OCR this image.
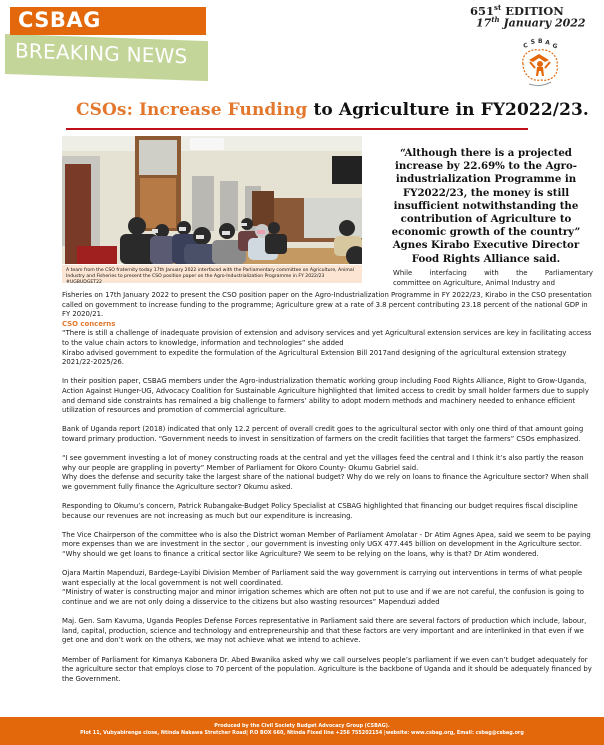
BREAKING NEWS
CSBAG	651st EDITION
17th January 2022
C S B A G
CSOs: Increase Funding to Agriculture in FY2022/23.
A team from the CSO fraternity today 17th January 2022 interfaced with the Parliamentary committee on Agriculture, Animal Industry and Fisheries to present the CSO position paper on the Agro-Industrialization Programme in FY 2022/23 #UGBUDGET22
“Although there is a projected increase by 22.69% to the Agro-industrialization Programme in FY2022/23, the money is still insufficient notwithstanding the contribution of Agriculture to economic growth of the country” Agnes Kirabo Executive Director Food Rights Alliance said.
While interfacing with the Parliamentary
committee on Agriculture, Animal Industry and

Fisheries on 17th January 2022 to present the CSO position paper on the Agro-Industrialization Programme in FY 2022/23, Kirabo in the CSO presentation called on government to increase funding to the programme; Agriculture grew at a rate of 3.8 percent contributing 23.18 percent of the national GDP in FY 2020/21.

CSO concerns

“There is still a challenge of inadequate provision of extension and advisory services and yet Agricultural extension services are key in facilitating access to the value chain actors to knowledge, information and technologies” she added

Kirabo advised government to expedite the formulation of the Agricultural Extension Bill 2017and designing of the agricultural extension strategy 2021/22-2025/26.

In their position paper, CSBAG members under the Agro-industrialization thematic working group including Food Rights Alliance, Right to Grow-Uganda, Action Against Hunger-UG, Advocacy Coalition for Sustainable Agriculture highlighted that limited access to credit by small holder farmers due to supply and demand side constraints has remained a big challenge to farmers’ ability to adopt modern methods and machinery needed to enhance efficient utilization of resources and promotion of commercial agriculture.

Bank of Uganda report (2018) indicated that only 12.2 percent of overall credit goes to the agricultural sector with only one third of that amount going toward primary production. “Government needs to invest in sensitization of farmers on the credit facilities that target the farmers” CSOs emphasized.

“I see government investing a lot of money constructing roads at the central and yet the villages feed the central and I think it’s also partly the reason why our people are grappling in poverty” Member of Parliament for Okoro County- Okumu Gabriel said.

Why does the defense and security take the largest share of the national budget? Why do we rely on loans to finance the Agriculture sector? When shall we government fully finance the Agriculture sector? Okumu asked.

Responding to Okumu’s concern, Patrick Rubangake-Budget Policy Specialist at CSBAG highlighted that financing our budget requires fiscal discipline because our revenues are not increasing as much but our expenditure is increasing.

The Vice Chairperson of the committee who is also the District woman Member of Parliament Amolatar - Dr Atim Agnes Apea, said we seem to be paying more expenses than we are investment in the sector , our government is investing only UGX 477.445 billion on development in the Agriculture sector.

“Why should we get loans to finance a critical sector like Agriculture? We seem to be relying on the loans, why is that? Dr Atim wondered.

Ojara Martin Mapenduzi, Bardege-Layibi Division Member of Parliament said the way government is carrying out interventions in terms of what people want especially at the local government is not well coordinated.

“Ministry of water is constructing major and minor irrigation schemes which are often not put to use and if we are not careful, the confusion is going to continue and we are not only doing a disservice to the citizens but also wasting resources” Mapenduzi added

Maj. Gen. Sam Kavuma, Uganda Peoples Defense Forces representative in Parliament said there are several factors of production which include, labour, land, capital, production, science and technology and entrepreneurship and that these factors are very important and are interlinked in that even if we get one and don’t work on the others, we may not achieve what we intend to achieve.

Member of Parliament for Kimanya Kabonera Dr. Abed Bwanika asked why we call ourselves people’s parliament if we even can’t budget adequately for the agriculture sector that employs close to 70 percent of the population. Agriculture is the backbone of Uganda and it should be adequately financed by the Government.

Produced by the Civil Society Budget Advocacy Group (CSBAG).
Plot 11, Vubyabirenge close, Ntinda Nakawa Stretcher Road| P.O BOX 660, Ntinda Fixed line +256 755202154 |website: www.csbag.org, Email: csbag@csbag.org
